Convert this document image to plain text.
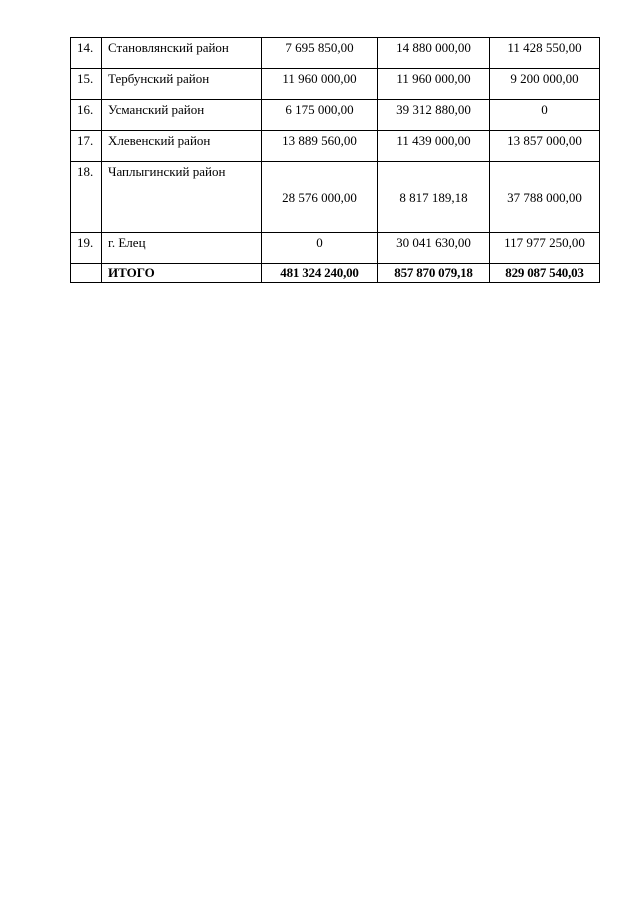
14.	Становлянский район	7 695 850,00	14 880 000,00	11 428 550,00
15.	Тербунский район	11 960 000,00	11 960 000,00	9 200 000,00
16.	Усманский район	6 175 000,00	39 312 880,00	0
17.	Хлевенский район	13 889 560,00	11 439 000,00	13 857 000,00
18.	Чаплыгинский район	28 576 000,00	8 817 189,18	37 788 000,00
19.	г. Елец	0	30 041 630,00	117 977 250,00
	ИТОГО	481 324 240,00	857 870 079,18	829 087 540,03
